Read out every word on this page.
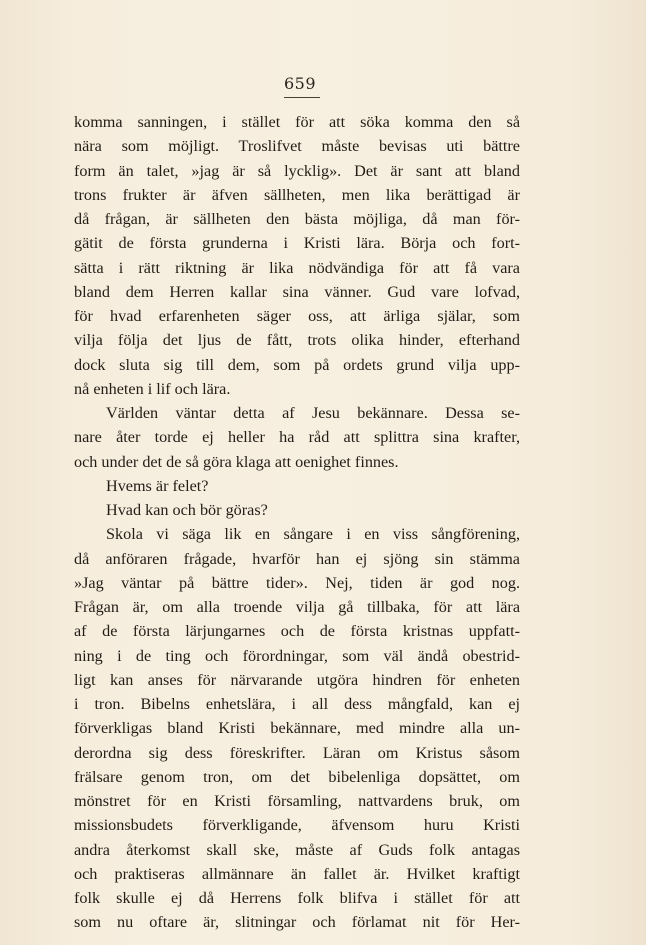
659
komma sanningen, i stället för att söka komma den så
nära som möjligt. Troslifvet måste bevisas uti bättre
form än talet, »jag är så lycklig». Det är sant att bland
trons frukter är äfven sällheten, men lika berättigad är
då frågan, är sällheten den bästa möjliga, då man för-
gätit de första grunderna i Kristi lära. Börja och fort-
sätta i rätt riktning är lika nödvändiga för att få vara
bland dem Herren kallar sina vänner. Gud vare lofvad,
för hvad erfarenheten säger oss, att ärliga själar, som
vilja följa det ljus de fått, trots olika hinder, efterhand
dock sluta sig till dem, som på ordets grund vilja upp-
nå enheten i lif och lära.
Världen väntar detta af Jesu bekännare. Dessa se-
nare åter torde ej heller ha råd att splittra sina krafter,
och under det de så göra klaga att oenighet finnes.
Hvems är felet?
Hvad kan och bör göras?
Skola vi säga lik en sångare i en viss sångförening,
då anföraren frågade, hvarför han ej sjöng sin stämma
»Jag väntar på bättre tider». Nej, tiden är god nog.
Frågan är, om alla troende vilja gå tillbaka, för att lära
af de första lärjungarnes och de första kristnas uppfatt-
ning i de ting och förordningar, som väl ändå obestrid-
ligt kan anses för närvarande utgöra hindren för enheten
i tron. Bibelns enhetslära, i all dess mångfald, kan ej
förverkligas bland Kristi bekännare, med mindre alla un-
derordna sig dess föreskrifter. Läran om Kristus såsom
frälsare genom tron, om det bibelenliga dopsättet, om
mönstret för en Kristi församling, nattvardens bruk, om
missionsbudets förverkligande, äfvensom huru Kristi
andra återkomst skall ske, måste af Guds folk antagas
och praktiseras allmännare än fallet är. Hvilket kraftigt
folk skulle ej då Herrens folk blifva i stället för att
som nu oftare är, slitningar och förlamat nit för Her-
